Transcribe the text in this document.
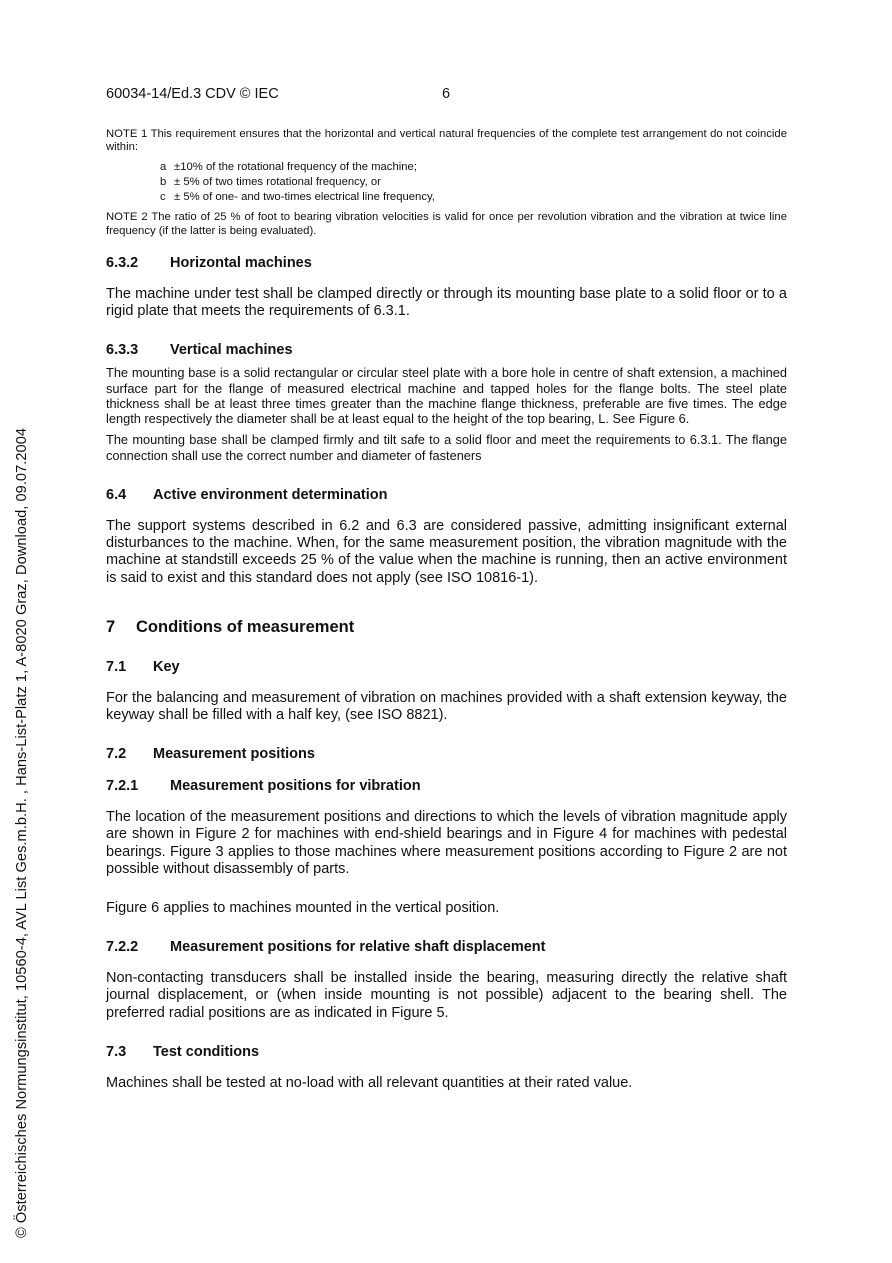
© Österreichisches Normungsinstitut, 10560-4, AVL List Ges.m.b.H. , Hans-List-Platz 1, A-8020 Graz, Download, 09.07.2004
60034-14/Ed.3 CDV © IEC	6

NOTE 1 This requirement ensures that the horizontal and vertical natural frequencies of the complete test arrangement do not coincide within:

a ±10% of the rotational frequency of the machine;
b ± 5% of two times rotational frequency, or
c ± 5% of one- and two-times electrical line frequency,

NOTE 2 The ratio of 25 % of foot to bearing vibration velocities is valid for once per revolution vibration and the vibration at twice line frequency (if the latter is being evaluated).

6.3.2	Horizontal machines

The machine under test shall be clamped directly or through its mounting base plate to a solid floor or to a rigid plate that meets the requirements of 6.3.1.

6.3.3	Vertical machines

The mounting base is a solid rectangular or circular steel plate with a bore hole in centre of shaft extension, a machined surface part for the flange of measured electrical machine and tapped holes for the flange bolts. The steel plate thickness shall be at least three times greater than the machine flange thickness, preferable are five times. The edge length respectively the diameter shall be at least equal to the height of the top bearing, L. See Figure 6.

The mounting base shall be clamped firmly and tilt safe to a solid floor and meet the requirements to 6.3.1. The flange connection shall use the correct number and diameter of fasteners

6.4	Active environment determination

The support systems described in 6.2 and 6.3 are considered passive, admitting insignificant external disturbances to the machine. When, for the same measurement position, the vibration magnitude with the machine at standstill exceeds 25 % of the value when the machine is running, then an active environment is said to exist and this standard does not apply (see ISO 10816-1).

7	Conditions of measurement
7.1	Key

For the balancing and measurement of vibration on machines provided with a shaft extension keyway, the keyway shall be filled with a half key, (see ISO 8821).

7.2	Measurement positions
7.2.1	Measurement positions for vibration

The location of the measurement positions and directions to which the levels of vibration magnitude apply are shown in Figure 2 for machines with end-shield bearings and in Figure 4 for machines with pedestal bearings. Figure 3 applies to those machines where measurement positions according to Figure 2 are not possible without disassembly of parts.

Figure 6 applies to machines mounted in the vertical position.

7.2.2	Measurement positions for relative shaft displacement

Non-contacting transducers shall be installed inside the bearing, measuring directly the relative shaft journal displacement, or (when inside mounting is not possible) adjacent to the bearing shell. The preferred radial positions are as indicated in Figure 5.

7.3	Test conditions

Machines shall be tested at no-load with all relevant quantities at their rated value.
